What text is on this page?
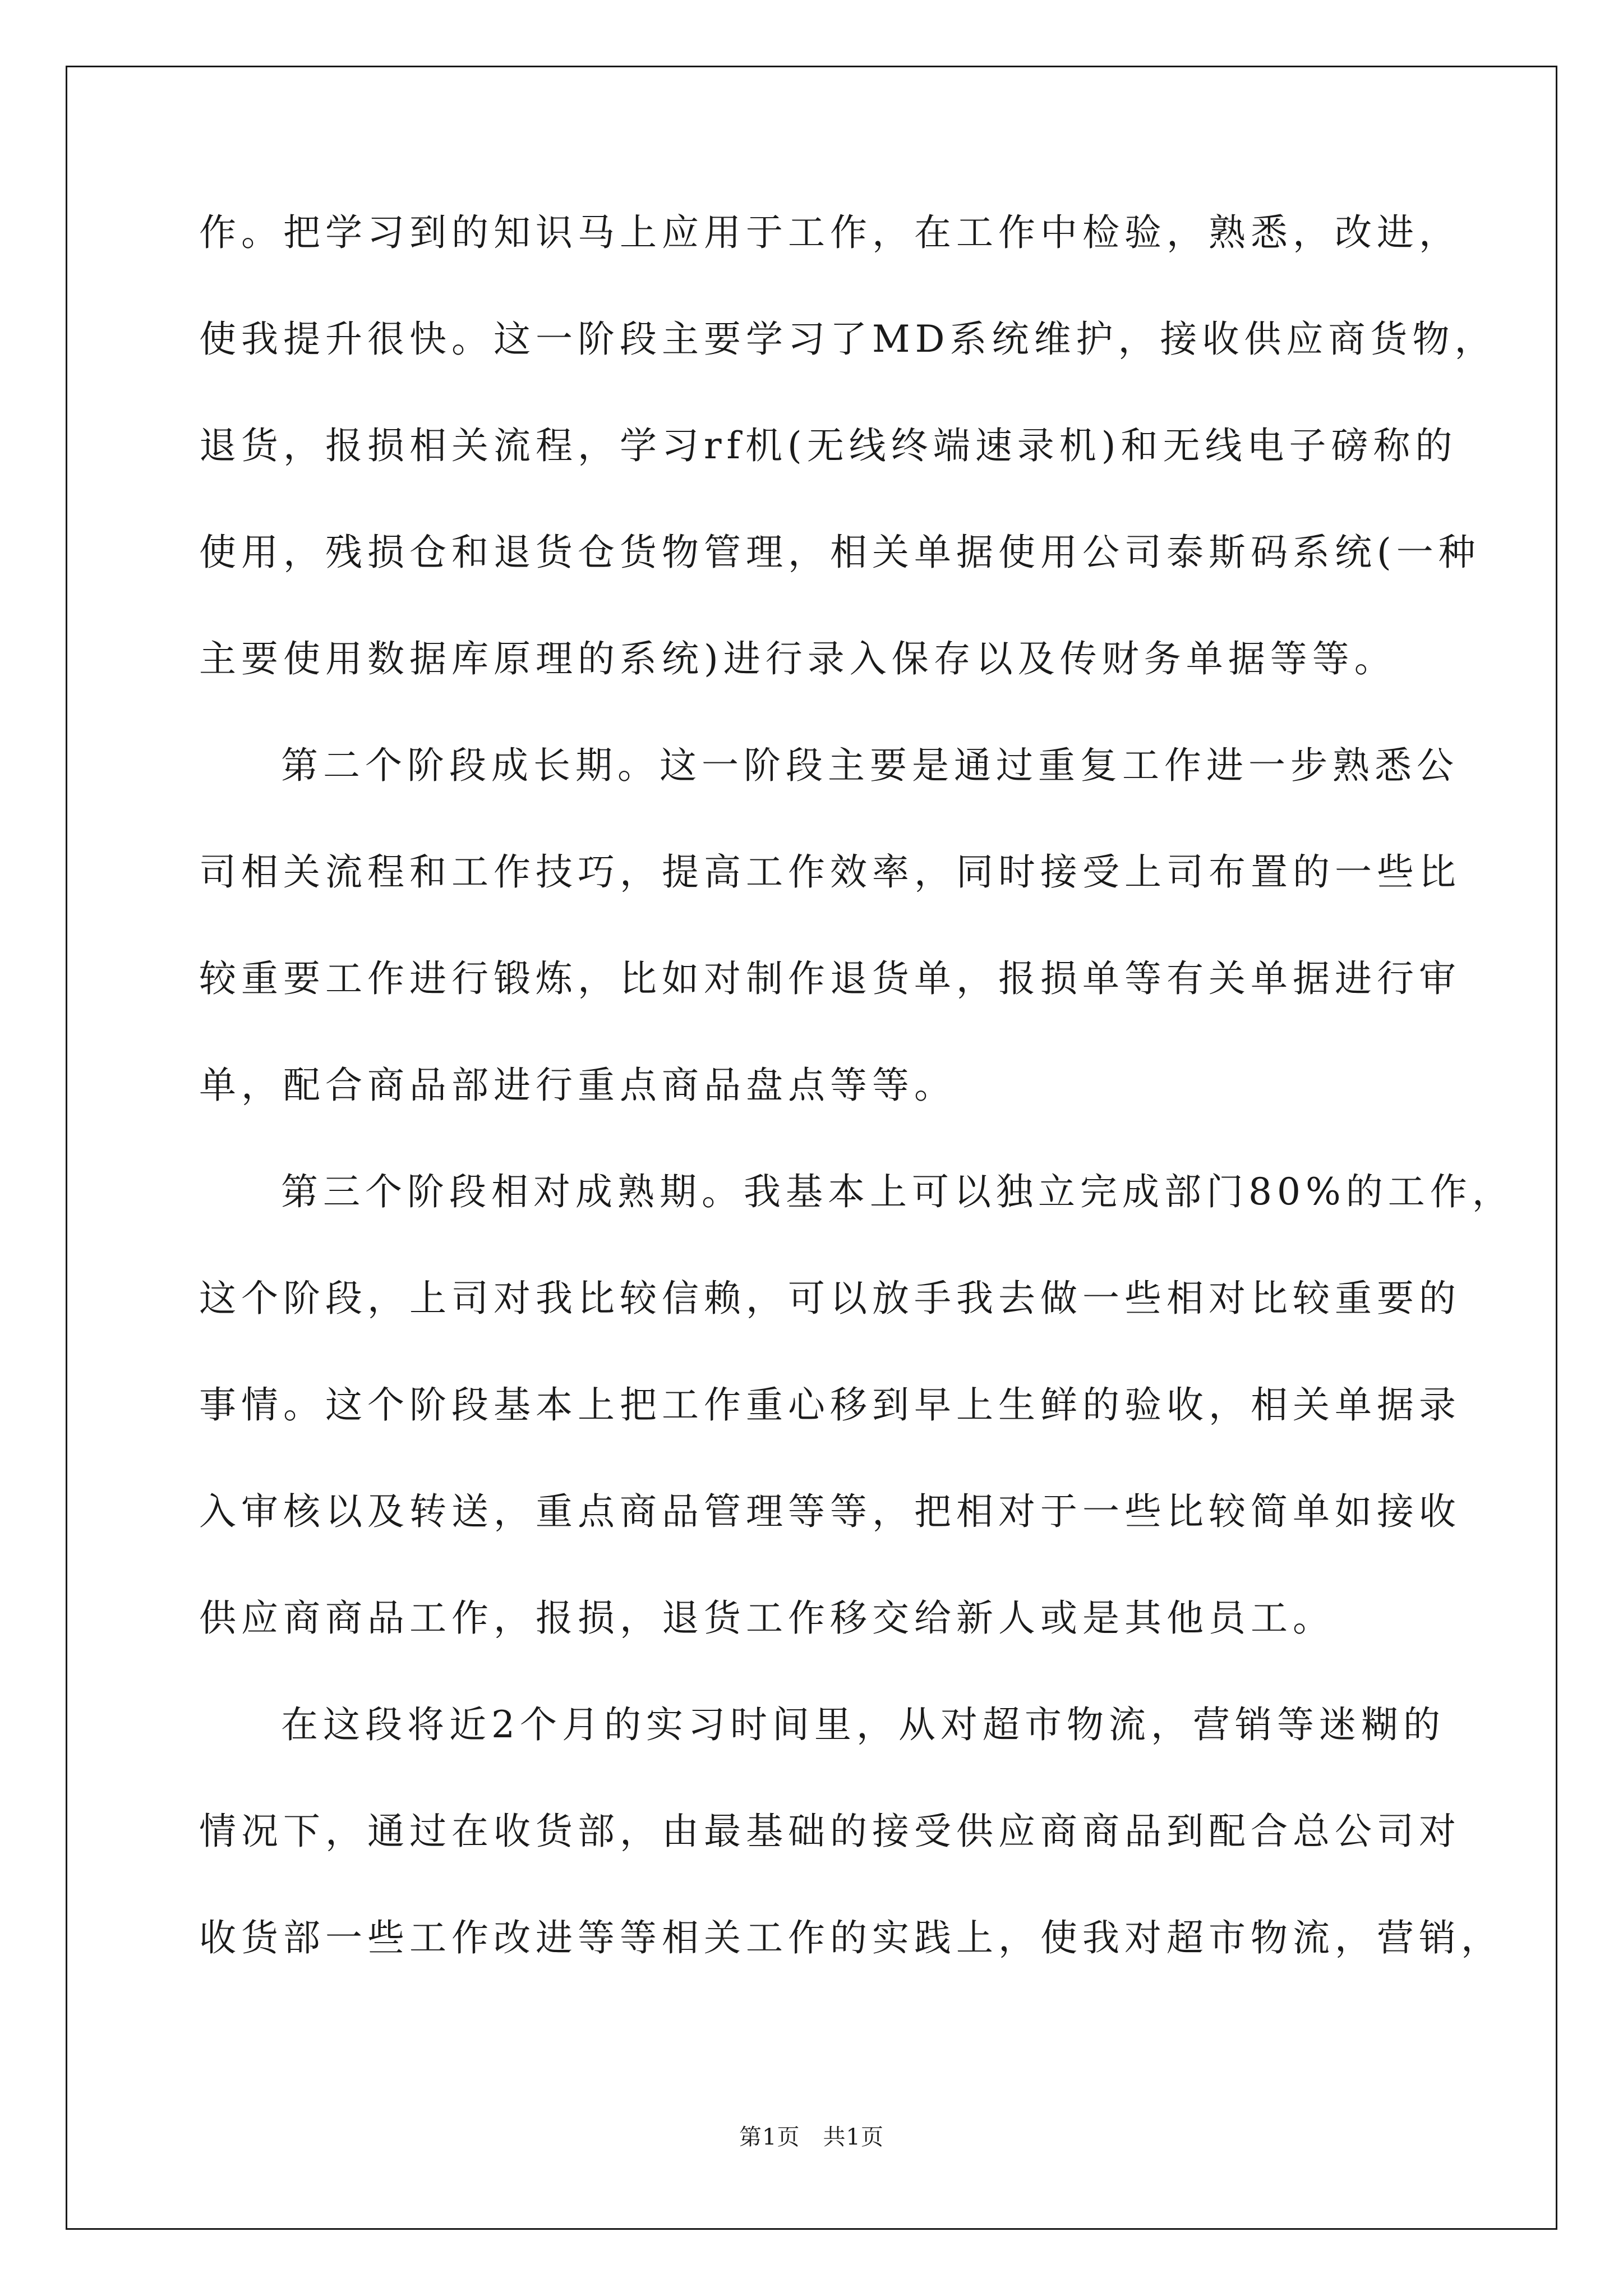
作。把学习到的知识马上应用于工作，在工作中检验，熟悉，改进，
使我提升很快。这一阶段主要学习了MD系统维护，接收供应商货物，
退货，报损相关流程，学习rf机(无线终端速录机)和无线电子磅称的
使用，残损仓和退货仓货物管理，相关单据使用公司泰斯码系统(一种
主要使用数据库原理的系统)进行录入保存以及传财务单据等等。
第二个阶段成长期。这一阶段主要是通过重复工作进一步熟悉公
司相关流程和工作技巧，提高工作效率，同时接受上司布置的一些比
较重要工作进行锻炼，比如对制作退货单，报损单等有关单据进行审
单，配合商品部进行重点商品盘点等等。
第三个阶段相对成熟期。我基本上可以独立完成部门80%的工作，
这个阶段，上司对我比较信赖，可以放手我去做一些相对比较重要的
事情。这个阶段基本上把工作重心移到早上生鲜的验收，相关单据录
入审核以及转送，重点商品管理等等，把相对于一些比较简单如接收
供应商商品工作，报损，退货工作移交给新人或是其他员工。
在这段将近2个月的实习时间里，从对超市物流，营销等迷糊的
情况下，通过在收货部，由最基础的接受供应商商品到配合总公司对
收货部一些工作改进等等相关工作的实践上，使我对超市物流，营销，
第1页　共1页
